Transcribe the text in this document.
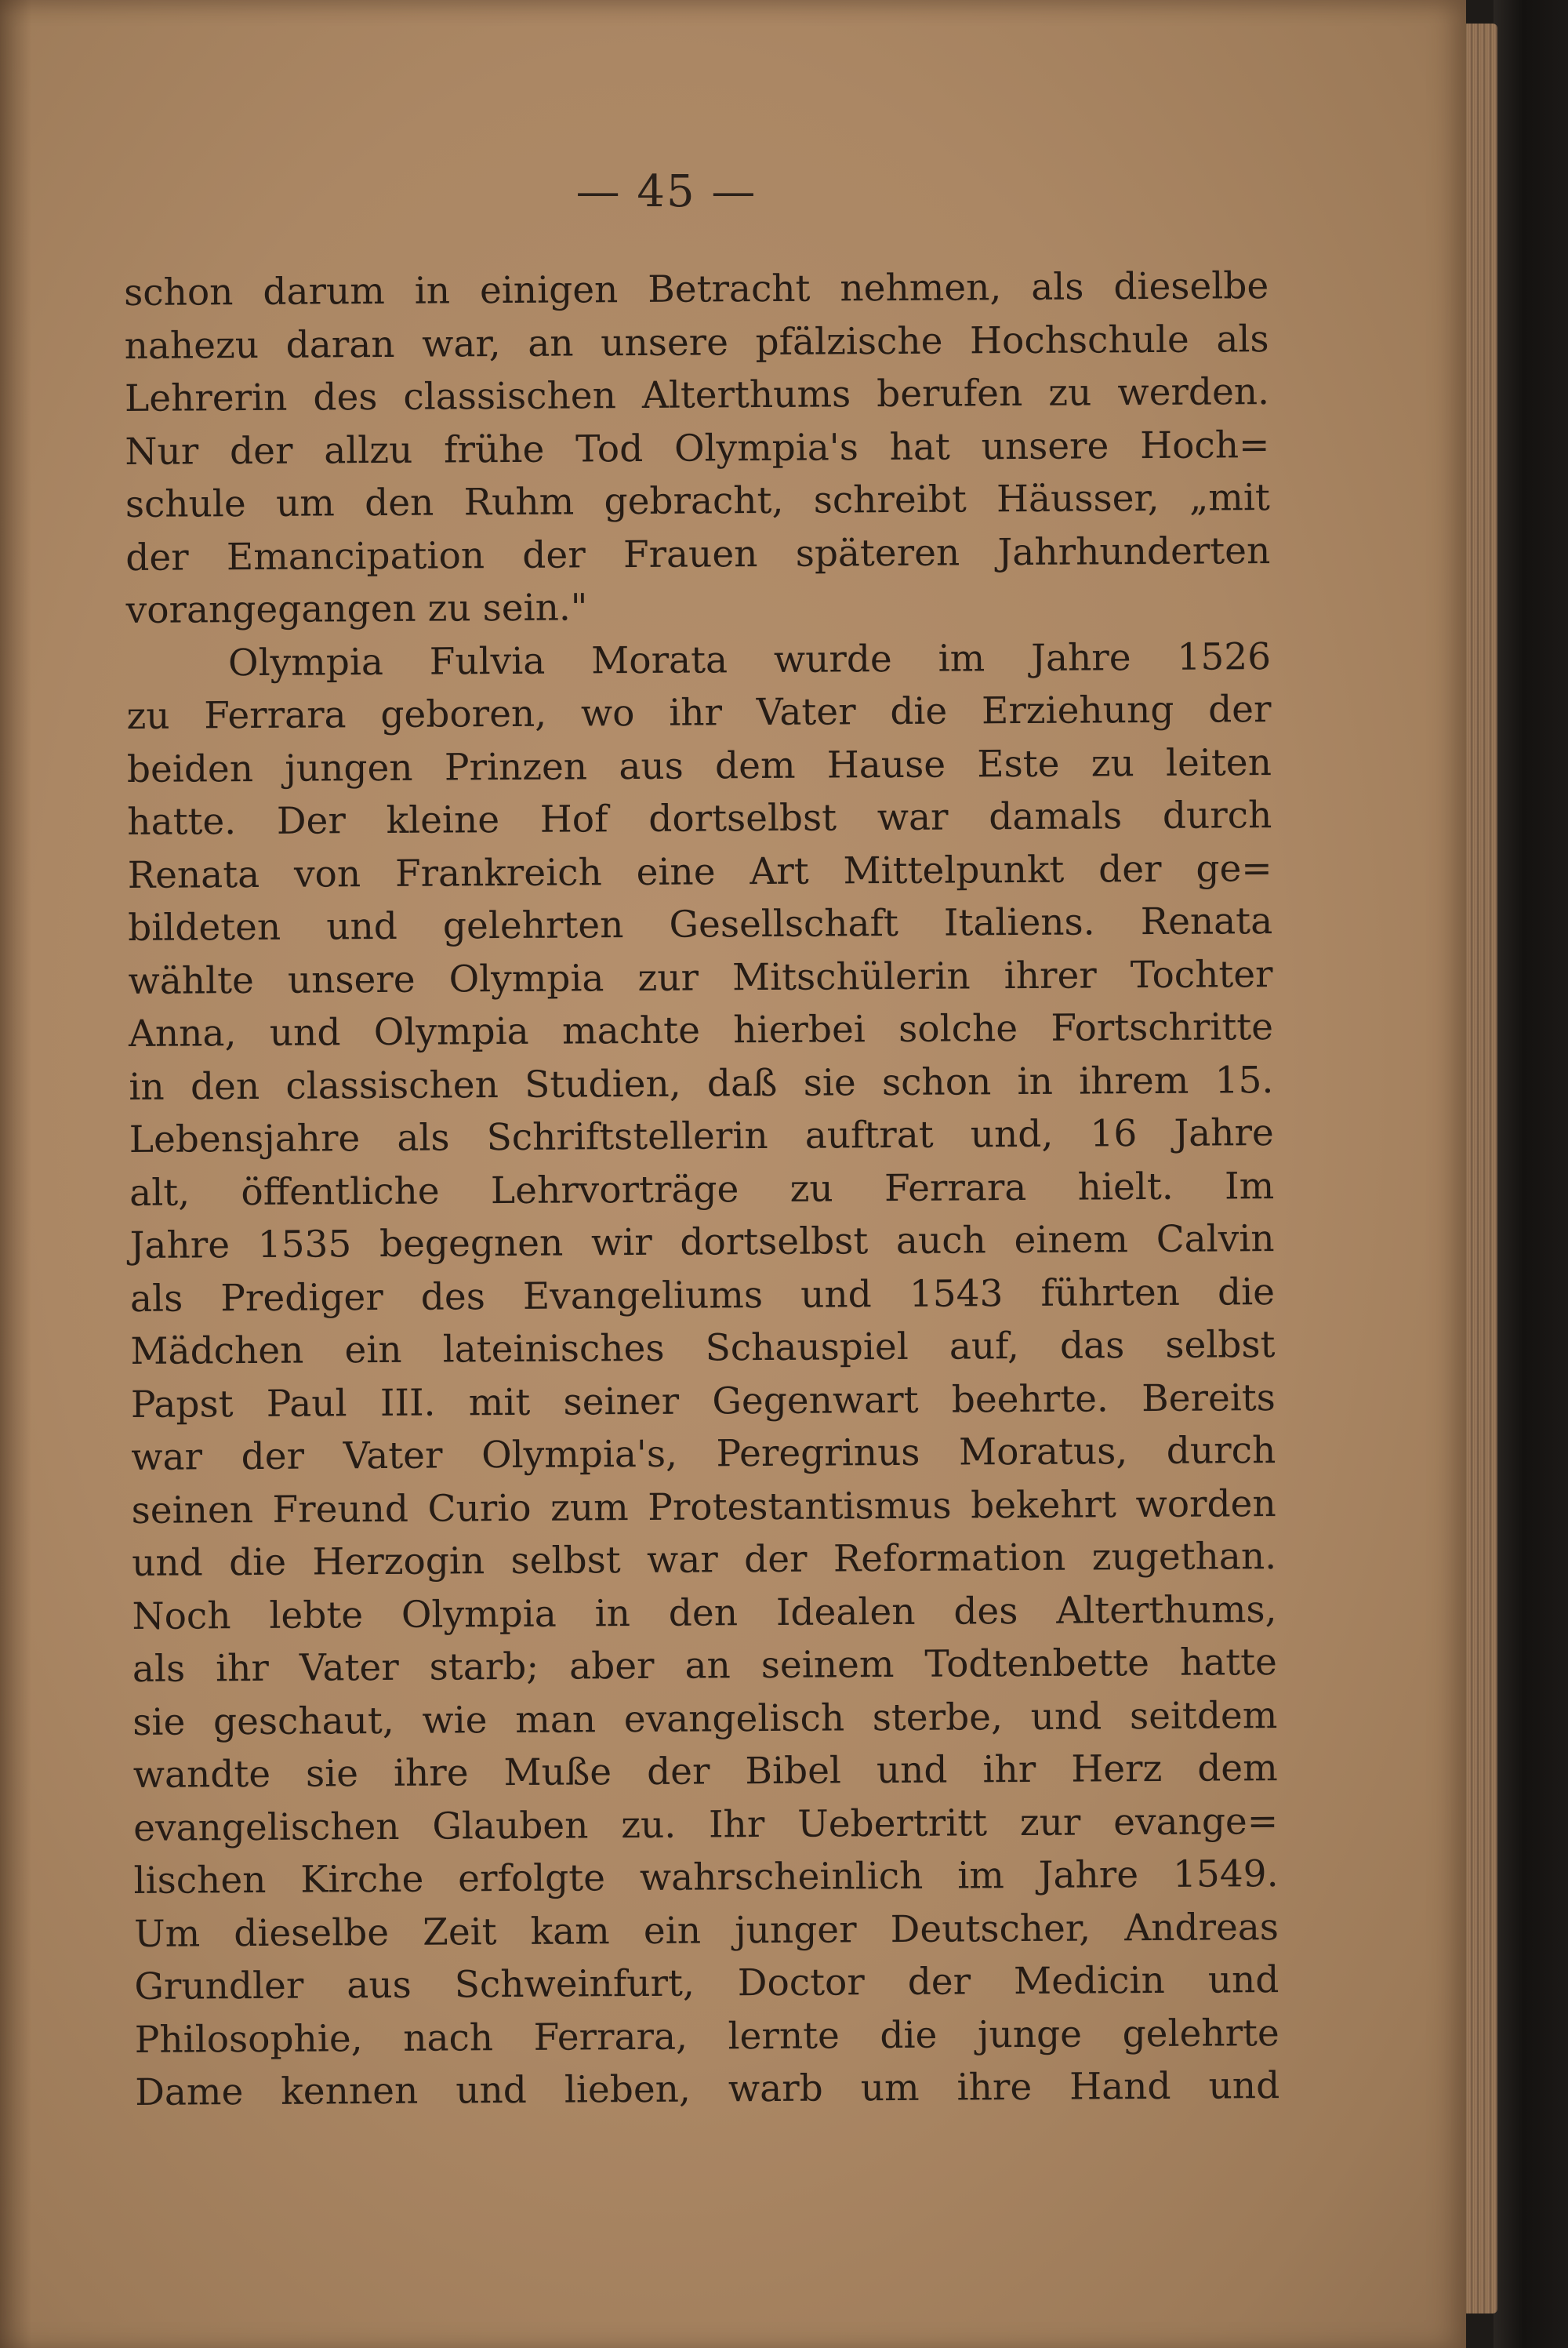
— 45 —
schon darum in einigen Betracht nehmen, als dieselbe
nahezu daran war, an unsere pfälzische Hochschule als
Lehrerin des classischen Alterthums berufen zu werden.
Nur der allzu frühe Tod Olympia's hat unsere Hoch=
schule um den Ruhm gebracht, schreibt Häusser, „mit
der Emancipation der Frauen späteren Jahrhunderten
vorangegangen zu sein."
Olympia Fulvia Morata wurde im Jahre 1526
zu Ferrara geboren, wo ihr Vater die Erziehung der
beiden jungen Prinzen aus dem Hause Este zu leiten
hatte. Der kleine Hof dortselbst war damals durch
Renata von Frankreich eine Art Mittelpunkt der ge=
bildeten und gelehrten Gesellschaft Italiens. Renata
wählte unsere Olympia zur Mitschülerin ihrer Tochter
Anna, und Olympia machte hierbei solche Fortschritte
in den classischen Studien, daß sie schon in ihrem 15.
Lebensjahre als Schriftstellerin auftrat und, 16 Jahre
alt, öffentliche Lehrvorträge zu Ferrara hielt. Im
Jahre 1535 begegnen wir dortselbst auch einem Calvin
als Prediger des Evangeliums und 1543 führten die
Mädchen ein lateinisches Schauspiel auf, das selbst
Papst Paul III. mit seiner Gegenwart beehrte. Bereits
war der Vater Olympia's, Peregrinus Moratus, durch
seinen Freund Curio zum Protestantismus bekehrt worden
und die Herzogin selbst war der Reformation zugethan.
Noch lebte Olympia in den Idealen des Alterthums,
als ihr Vater starb; aber an seinem Todtenbette hatte
sie geschaut, wie man evangelisch sterbe, und seitdem
wandte sie ihre Muße der Bibel und ihr Herz dem
evangelischen Glauben zu. Ihr Uebertritt zur evange=
lischen Kirche erfolgte wahrscheinlich im Jahre 1549.
Um dieselbe Zeit kam ein junger Deutscher, Andreas
Grundler aus Schweinfurt, Doctor der Medicin und
Philosophie, nach Ferrara, lernte die junge gelehrte
Dame kennen und lieben, warb um ihre Hand und
